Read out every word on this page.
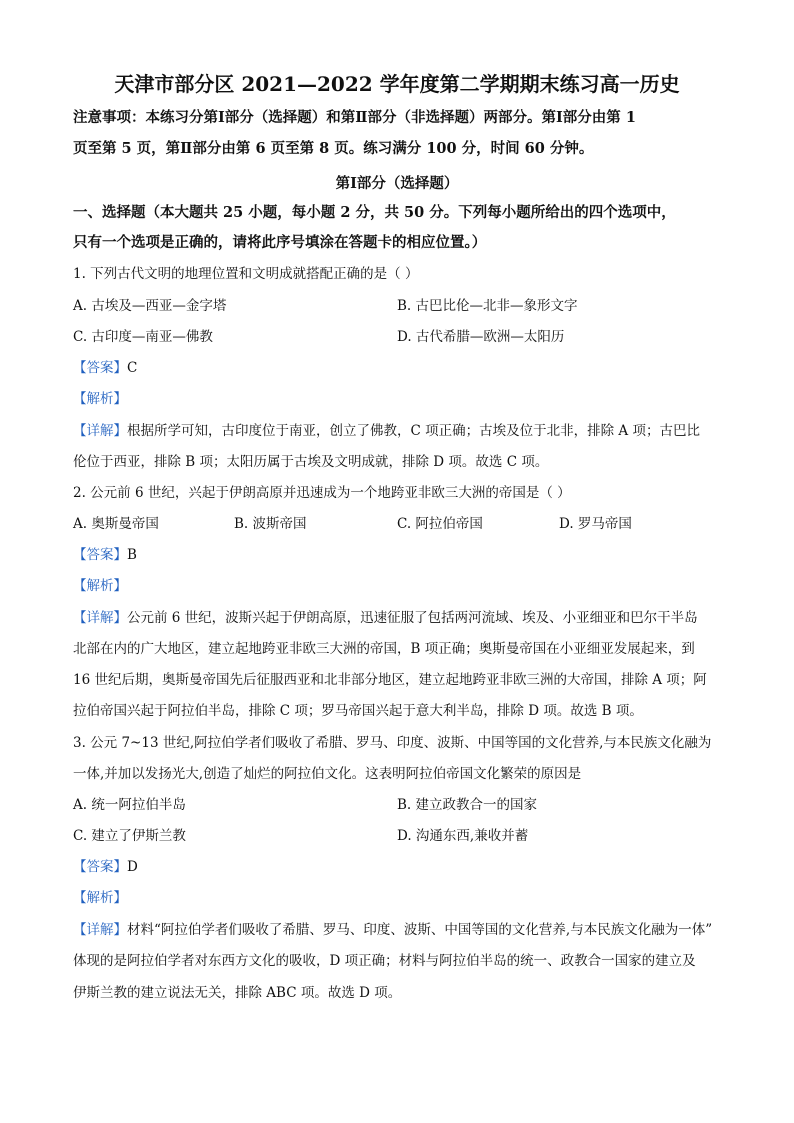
天津市部分区 2021—2022 学年度第二学期期末练习高一历史
注意事项：本练习分第Ⅰ部分（选择题）和第Ⅱ部分（非选择题）两部分。第Ⅰ部分由第 1
页至第 5 页，第Ⅱ部分由第 6 页至第 8 页。练习满分 100 分，时间 60 分钟。
第Ⅰ部分（选择题）
一、选择题（本大题共 25 小题，每小题 2 分，共 50 分。下列每小题所给出的四个选项中，
只有一个选项是正确的，请将此序号填涂在答题卡的相应位置。）
1. 下列古代文明的地理位置和文明成就搭配正确的是（ ）
A. 古埃及—西亚—金字塔	B. 古巴比伦—北非—象形文字
C. 古印度—南亚—佛教	D. 古代希腊—欧洲—太阳历
【答案】C
【解析】
【详解】根据所学可知，古印度位于南亚，创立了佛教，C 项正确；古埃及位于北非，排除 A 项；古巴比
伦位于西亚，排除 B 项；太阳历属于古埃及文明成就，排除 D 项。故选 C 项。
2. 公元前 6 世纪，兴起于伊朗高原并迅速成为一个地跨亚非欧三大洲的帝国是（ ）
A. 奥斯曼帝国	B. 波斯帝国	C. 阿拉伯帝国	D. 罗马帝国
【答案】B
【解析】
【详解】公元前 6 世纪，波斯兴起于伊朗高原，迅速征服了包括两河流域、埃及、小亚细亚和巴尔干半岛
北部在内的广大地区，建立起地跨亚非欧三大洲的帝国，B 项正确；奥斯曼帝国在小亚细亚发展起来，到
16 世纪后期，奥斯曼帝国先后征服西亚和北非部分地区，建立起地跨亚非欧三洲的大帝国，排除 A 项；阿
拉伯帝国兴起于阿拉伯半岛，排除 C 项；罗马帝国兴起于意大利半岛，排除 D 项。故选 B 项。
3. 公元 7~13 世纪,阿拉伯学者们吸收了希腊、罗马、印度、波斯、中国等国的文化营养,与本民族文化融为
一体,并加以发扬光大,创造了灿烂的阿拉伯文化。这表明阿拉伯帝国文化繁荣的原因是
A. 统一阿拉伯半岛	B. 建立政教合一的国家
C. 建立了伊斯兰教	D. 沟通东西,兼收并蓄
【答案】D
【解析】
【详解】材料“阿拉伯学者们吸收了希腊、罗马、印度、波斯、中国等国的文化营养,与本民族文化融为一体”
体现的是阿拉伯学者对东西方文化的吸收，D 项正确；材料与阿拉伯半岛的统一、政教合一国家的建立及
伊斯兰教的建立说法无关，排除 ABC 项。故选 D 项。
